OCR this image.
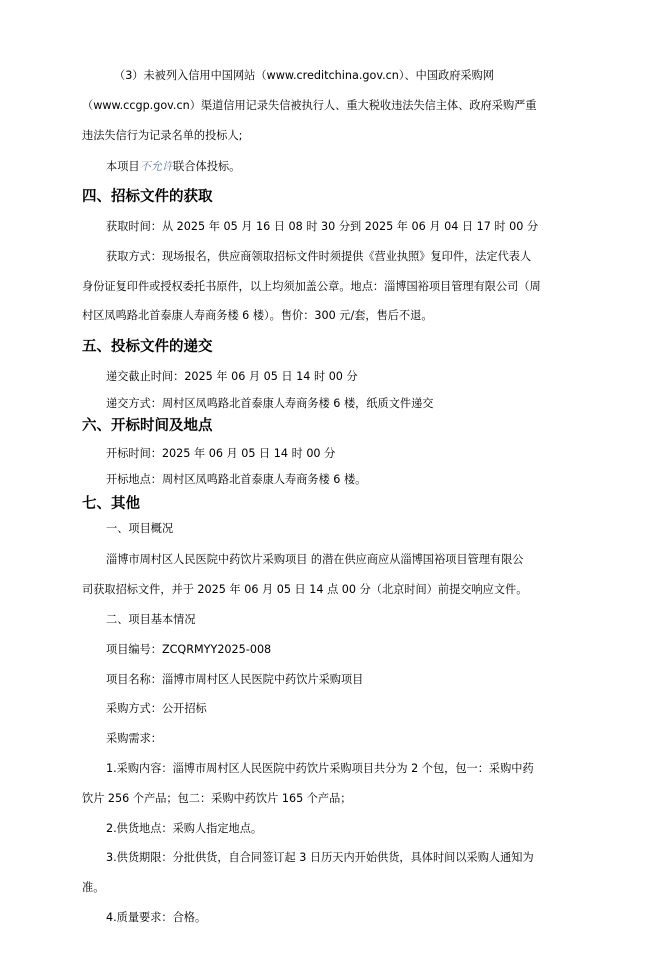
（3）未被列入信用中国网站（www.creditchina.gov.cn）、中国政府采购网
（www.ccgp.gov.cn）渠道信用记录失信被执行人、重大税收违法失信主体、政府采购严重
违法失信行为记录名单的投标人;
本项目不允许联合体投标。
四、招标文件的获取
获取时间：从 2025 年 05 月 16 日 08 时 30 分到 2025 年 06 月 04 日 17 时 00 分
获取方式：现场报名，供应商领取招标文件时须提供《营业执照》复印件，法定代表人
身份证复印件或授权委托书原件，以上均须加盖公章。地点：淄博国裕项目管理有限公司（周
村区凤鸣路北首泰康人寿商务楼 6 楼）。售价：300 元/套，售后不退。
五、投标文件的递交
递交截止时间：2025 年 06 月 05 日 14 时 00 分
递交方式：周村区凤鸣路北首泰康人寿商务楼 6 楼，纸质文件递交
六、开标时间及地点
开标时间：2025 年 06 月 05 日 14 时 00 分
开标地点：周村区凤鸣路北首泰康人寿商务楼 6 楼。
七、其他
一、项目概况
淄博市周村区人民医院中药饮片采购项目 的潜在供应商应从淄博国裕项目管理有限公
司获取招标文件，并于 2025 年 06 月 05 日 14 点 00 分（北京时间）前提交响应文件。
二、项目基本情况
项目编号：ZCQRMYY2025-008
项目名称：淄博市周村区人民医院中药饮片采购项目
采购方式：公开招标
采购需求：
1.采购内容：淄博市周村区人民医院中药饮片采购项目共分为 2 个包，包一：采购中药
饮片 256 个产品；包二：采购中药饮片 165 个产品；
2.供货地点：采购人指定地点。
3.供货期限：分批供货，自合同签订起 3 日历天内开始供货，具体时间以采购人通知为
准。
4.质量要求：合格。
